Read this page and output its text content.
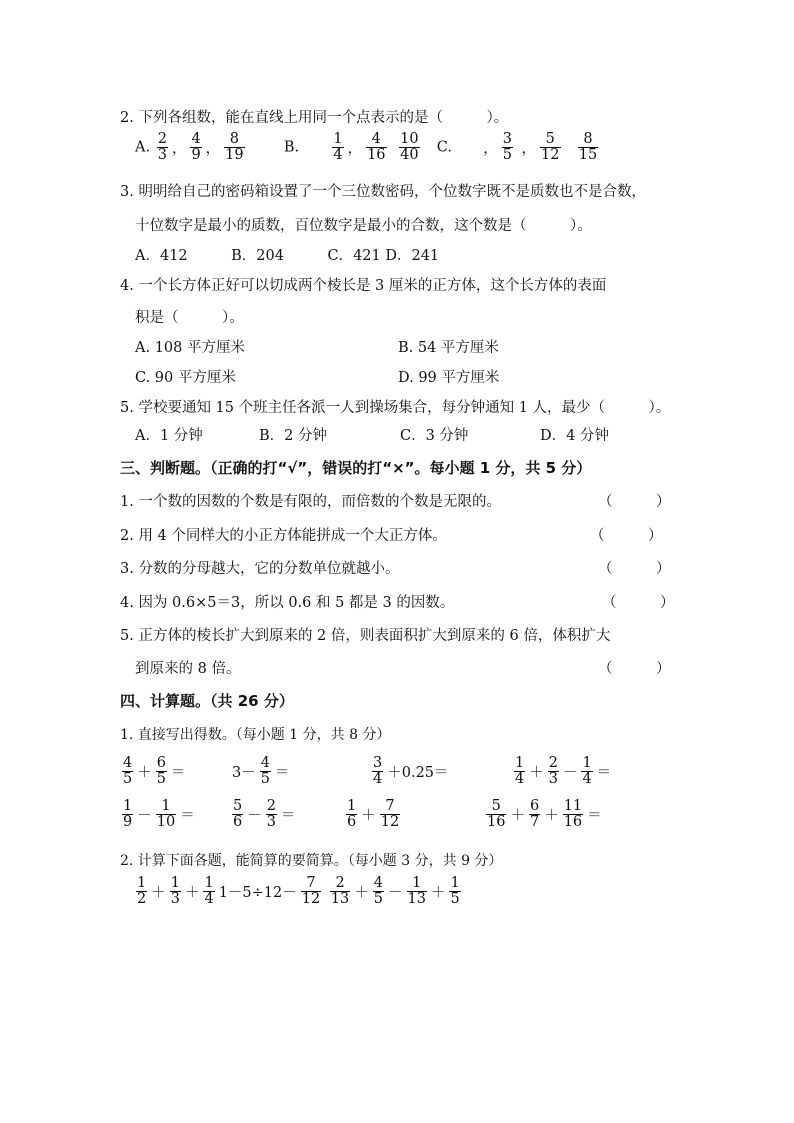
2. 下列各组数，能在直线上用同一个点表示的是（　　　）。
A. $\frac{2}{3}$ ， $\frac{4}{9}$ ， $\frac{8}{19}$	B. $\frac{1}{4}$ ， $\frac{4}{16}$
$\frac{10}{40} C$. ， $\frac{3}{5}$ ， $\frac{5}{12}$
$\frac{8}{15}$
3. 明明给自己的密码箱设置了一个三位数密码，个位数字既不是质数也不是合数，
十位数字是最小的质数，百位数字是最小的合数，这个数是（　　　）。
A．412　　　B．204　　　C．421 D．241
4. 一个长方体正好可以切成两个棱长是 3 厘米的正方体，这个长方体的表面
积是（　　　）。
A. 108 平方厘米	B. 54 平方厘米
C. 90 平方厘米	D. 99 平方厘米
5. 学校要通知 15 个班主任各派一人到操场集合，每分钟通知 1 人，最少（　　　）。
A．1 分钟	B．2 分钟	C．3 分钟	D．4 分钟
三、判断题。（正确的打“√”，错误的打“×”。每小题 1 分，共 5 分）
1. 一个数的因数的个数是有限的，而倍数的个数是无限的。	（　　　）
2. 用 4 个同样大的小正方体能拼成一个大正方体。	（　　　）
3. 分数的分母越大，它的分数单位就越小。	（　　　）
4. 因为 0.6×5＝3，所以 0.6 和 5 都是 3 的因数。	（　　　）
5. 正方体的棱长扩大到原来的 2 倍，则表面积扩大到原来的 6 倍，体积扩大
到原来的 8 倍。	（　　　）
四、计算题。（共 26 分）
1. 直接写出得数。（每小题 1 分，共 8 分）
$\frac{4}{5} + \frac{6}{5}$ ＝	$3- \frac{4}{5}$ ＝	$\frac{3}{4} +0.25=$	$\frac{1}{4} + \frac{2}{3} - \frac{1}{4}$ ＝
$\frac{1}{9} - \frac{1}{10}$ ＝	$\frac{5}{6} - \frac{2}{3}$ ＝	$\frac{1}{6} + \frac{7}{12}$	$\frac{5}{16} + \frac{6}{7} + \frac{11}{16}$ ＝
2. 计算下面各题，能简算的要简算。（每小题 3 分，共 9 分）
$\frac{1}{2} + \frac{1}{3} + \frac{1}{4} 1-5\div 12- \frac{7}{12}$
$\frac{2}{13} + \frac{4}{5} - \frac{1}{13} + \frac{1}{5}$
